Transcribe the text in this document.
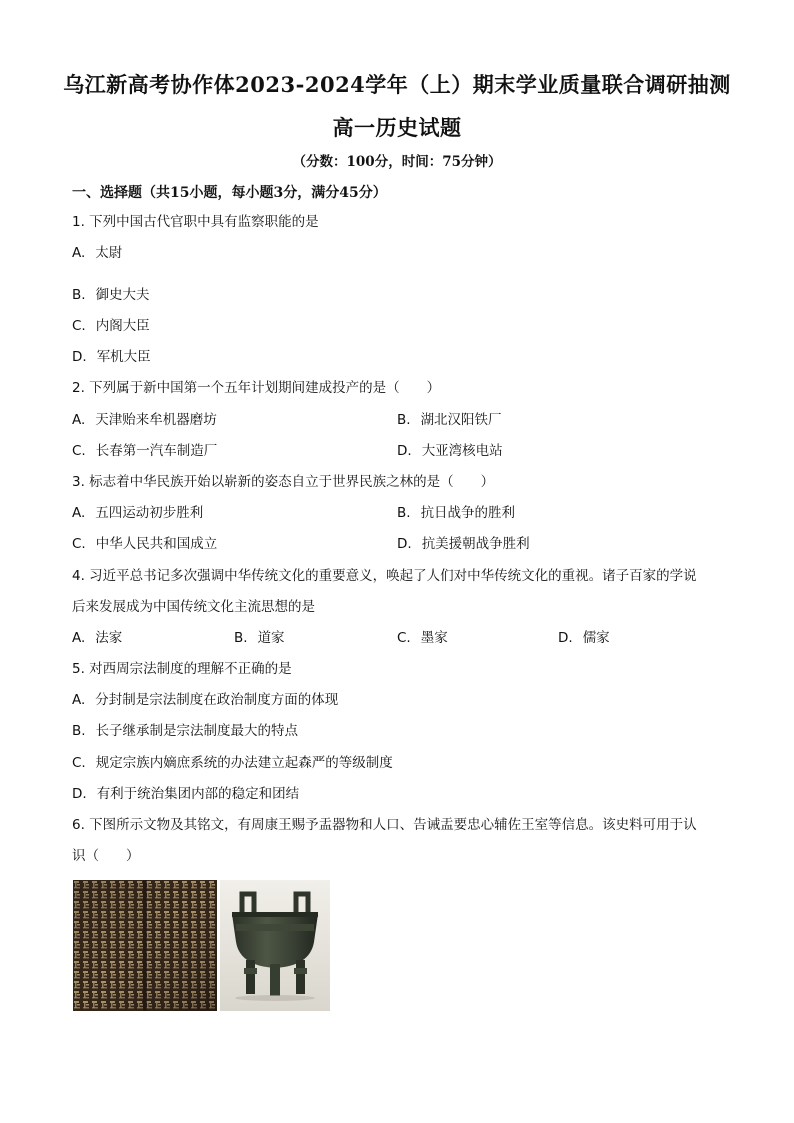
乌江新高考协作体2023-2024学年（上）期末学业质量联合调研抽测
高一历史试题
（分数：100分，时间：75分钟）
一、选择题（共15小题，每小题3分，满分45分）
1. 下列中国古代官职中具有监察职能的是
A. 太尉
B. 御史大夫
C. 内阁大臣
D. 军机大臣
2. 下列属于新中国第一个五年计划期间建成投产的是（　　）
A. 天津贻来牟机器磨坊	B. 湖北汉阳铁厂
C. 长春第一汽车制造厂	D. 大亚湾核电站
3. 标志着中华民族开始以崭新的姿态自立于世界民族之林的是（　　）
A. 五四运动初步胜利	B. 抗日战争的胜利
C. 中华人民共和国成立	D. 抗美援朝战争胜利
4. 习近平总书记多次强调中华传统文化的重要意义，唤起了人们对中华传统文化的重视。诸子百家的学说
后来发展成为中国传统文化主流思想的是
A. 法家	B. 道家	C. 墨家	D. 儒家
5. 对西周宗法制度的理解不正确的是
A. 分封制是宗法制度在政治制度方面的体现
B. 长子继承制是宗法制度最大的特点
C. 规定宗族内嫡庶系统的办法建立起森严的等级制度
D. 有利于统治集团内部的稳定和团结
6. 下图所示文物及其铭文，有周康王赐予盂器物和人口、告诫盂要忠心辅佐王室等信息。该史料可用于认
识（　　）
